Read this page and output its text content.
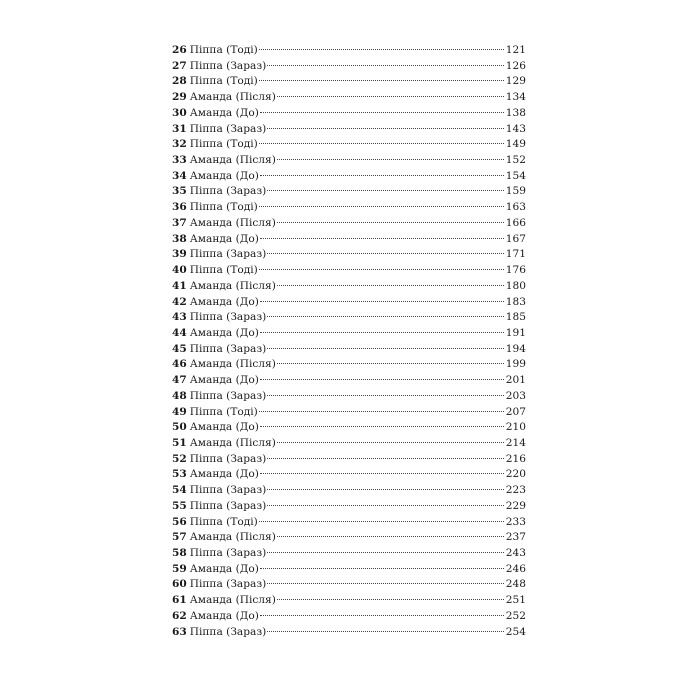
26 Піппа (Тоді)	121
27 Піппа (Зараз)	126
28 Піппа (Тоді)	129
29 Аманда (Після)	134
30 Аманда (До)	138
31 Піппа (Зараз)	143
32 Піппа (Тоді)	149
33 Аманда (Після)	152
34 Аманда (До)	154
35 Піппа (Зараз)	159
36 Піппа (Тоді)	163
37 Аманда (Після)	166
38 Аманда (До)	167
39 Піппа (Зараз)	171
40 Піппа (Тоді)	176
41 Аманда (Після)	180
42 Аманда (До)	183
43 Піппа (Зараз)	185
44 Аманда (До)	191
45 Піппа (Зараз)	194
46 Аманда (Після)	199
47 Аманда (До)	201
48 Піппа (Зараз)	203
49 Піппа (Тоді)	207
50 Аманда (До)	210
51 Аманда (Після)	214
52 Піппа (Зараз)	216
53 Аманда (До)	220
54 Піппа (Зараз)	223
55 Піппа (Зараз)	229
56 Піппа (Тоді)	233
57 Аманда (Після)	237
58 Піппа (Зараз)	243
59 Аманда (До)	246
60 Піппа (Зараз)	248
61 Аманда (Після)	251
62 Аманда (До)	252
63 Піппа (Зараз)	254
